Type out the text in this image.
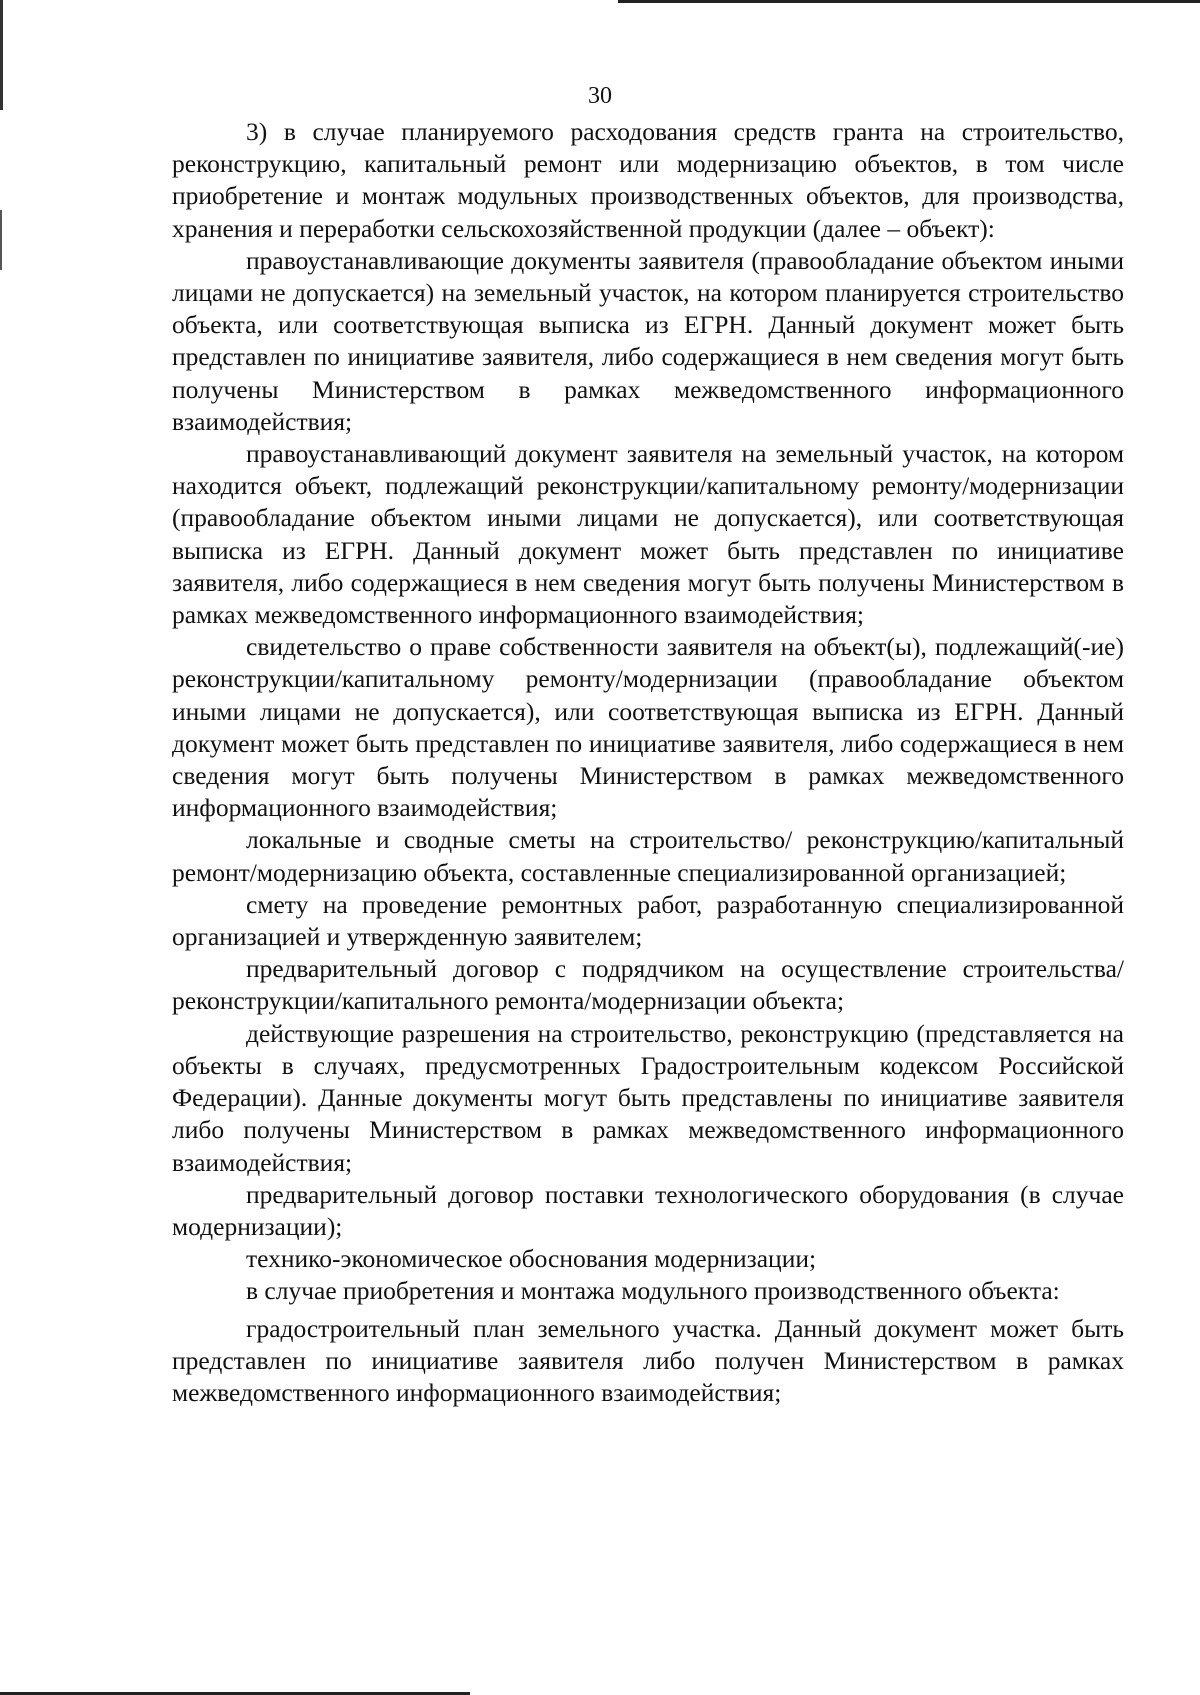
30

3) в случае планируемого расходования средств гранта на строительство, реконструкцию, капитальный ремонт или модернизацию объектов, в том числе приобретение и монтаж модульных производственных объектов, для производства, хранения и переработки сельскохозяйственной продукции (далее – объект):

правоустанавливающие документы заявителя (правообладание объектом иными лицами не допускается) на земельный участок, на котором планируется строительство объекта, или соответствующая выписка из ЕГРН. Данный документ может быть представлен по инициативе заявителя, либо содержащиеся в нем сведения могут быть получены Министерством в рамках межведомственного информационного взаимодействия;

правоустанавливающий документ заявителя на земельный участок, на котором находится объект, подлежащий реконструкции/капитальному ремонту/модернизации (правообладание объектом иными лицами не допускается), или соответствующая выписка из ЕГРН. Данный документ может быть представлен по инициативе заявителя, либо содержащиеся в нем сведения могут быть получены Министерством в рамках межведомственного информационного взаимодействия;

свидетельство о праве собственности заявителя на объект(ы), подлежащий(-ие) реконструкции/капитальному ремонту/модернизации (правообладание объектом иными лицами не допускается), или соответствующая выписка из ЕГРН. Данный документ может быть представлен по инициативе заявителя, либо содержащиеся в нем сведения могут быть получены Министерством в рамках межведомственного информационного взаимодействия;

локальные и сводные сметы на строительство/ реконструкцию/капитальный ремонт/модернизацию объекта, составленные специализированной организацией;

смету на проведение ремонтных работ, разработанную специализированной организацией и утвержденную заявителем;

предварительный договор с подрядчиком на осуществление строительства/ реконструкции/капитального ремонта/модернизации объекта;

действующие разрешения на строительство, реконструкцию (представляется на объекты в случаях, предусмотренных Градостроительным кодексом Российской Федерации). Данные документы могут быть представлены по инициативе заявителя либо получены Министерством в рамках межведомственного информационного взаимодействия;

предварительный договор поставки технологического оборудования (в случае модернизации);

технико-экономическое обоснования модернизации;

в случае приобретения и монтажа модульного производственного объекта:

градостроительный план земельного участка. Данный документ может быть представлен по инициативе заявителя либо получен Министерством в рамках межведомственного информационного взаимодействия;
